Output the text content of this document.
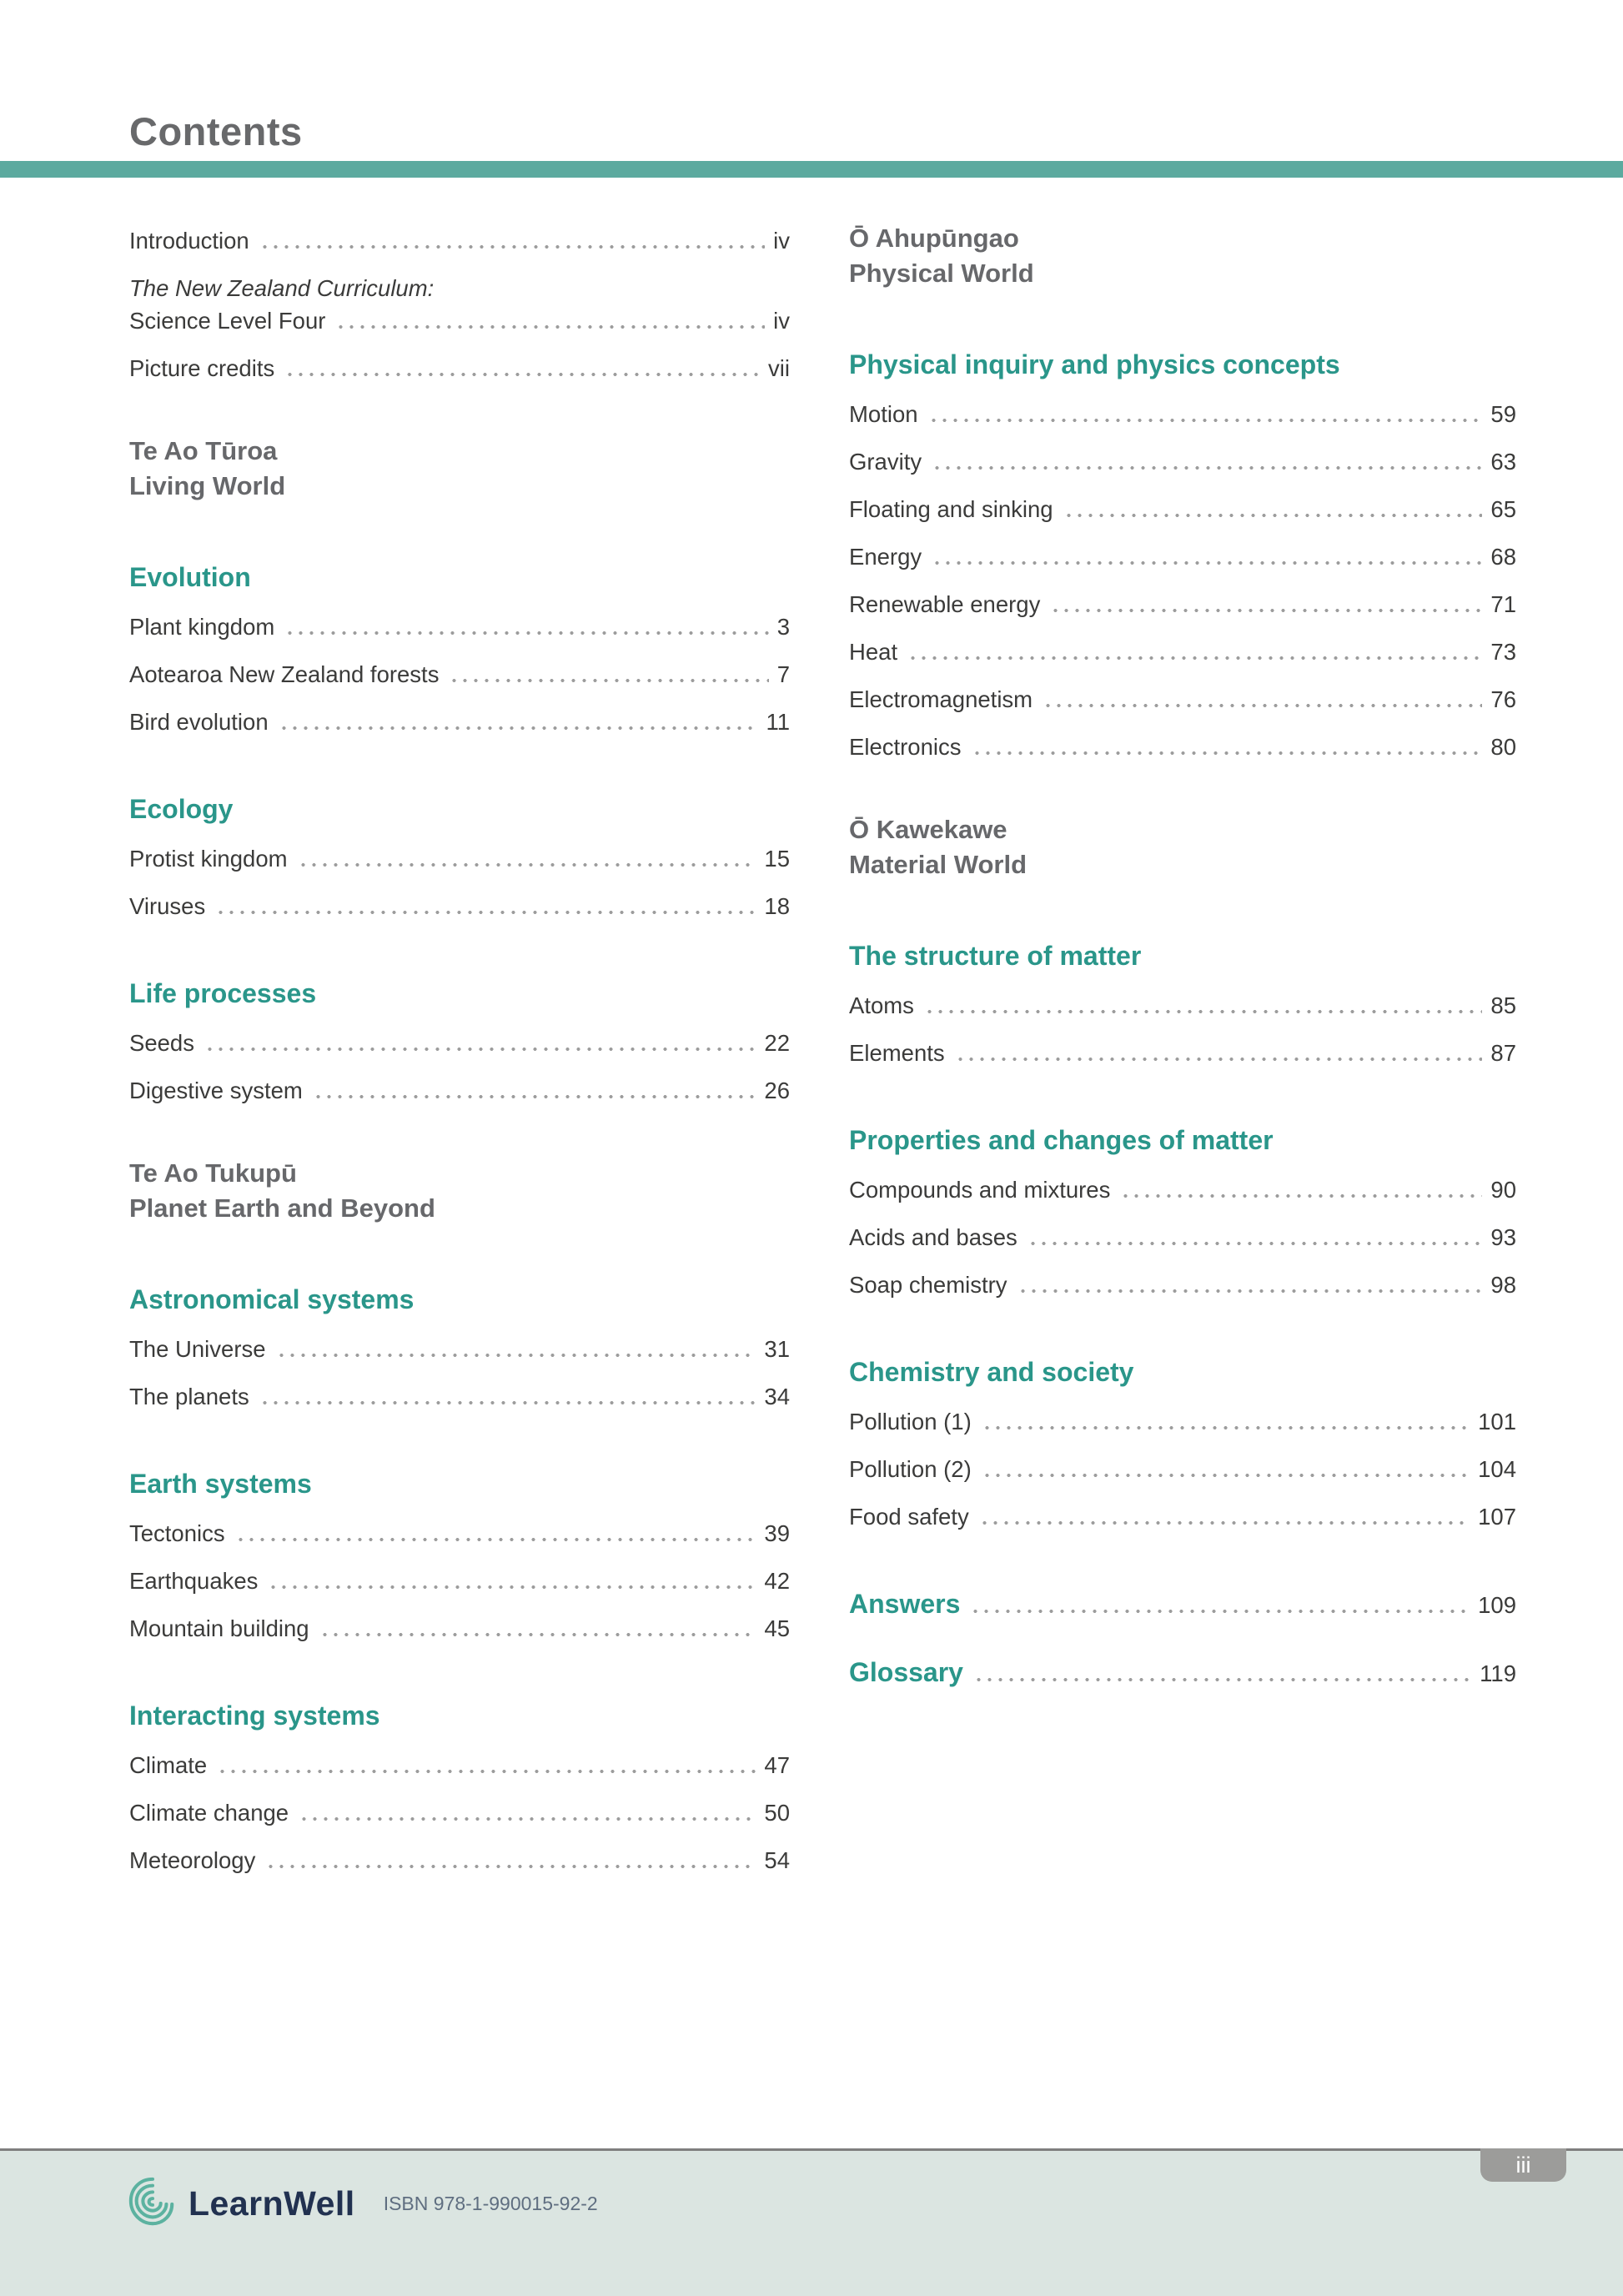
Contents
Introduction	iv
The New Zealand Curriculum:
Science Level Four	iv
Picture credits	vii
Te Ao Tūroa
Living World
Evolution
Plant kingdom	3
Aotearoa New Zealand forests	7
Bird evolution	11
Ecology
Protist kingdom	15
Viruses	18
Life processes
Seeds	22
Digestive system	26
Te Ao Tukupū
Planet Earth and Beyond
Astronomical systems
The Universe	31
The planets	34
Earth systems
Tectonics	39
Earthquakes	42
Mountain building	45
Interacting systems
Climate	47
Climate change	50
Meteorology	54
Ō Ahupūngao
Physical World
Physical inquiry and physics concepts
Motion	59
Gravity	63
Floating and sinking	65
Energy	68
Renewable energy	71
Heat	73
Electromagnetism	76
Electronics	80
Ō Kawekawe
Material World
The structure of matter
Atoms	85
Elements	87
Properties and changes of matter
Compounds and mixtures	90
Acids and bases	93
Soap chemistry	98
Chemistry and society
Pollution (1)	101
Pollution (2)	104
Food safety	107
Answers	109
Glossary	119
LearnWell ISBN 978-1-990015-92-2
iii
